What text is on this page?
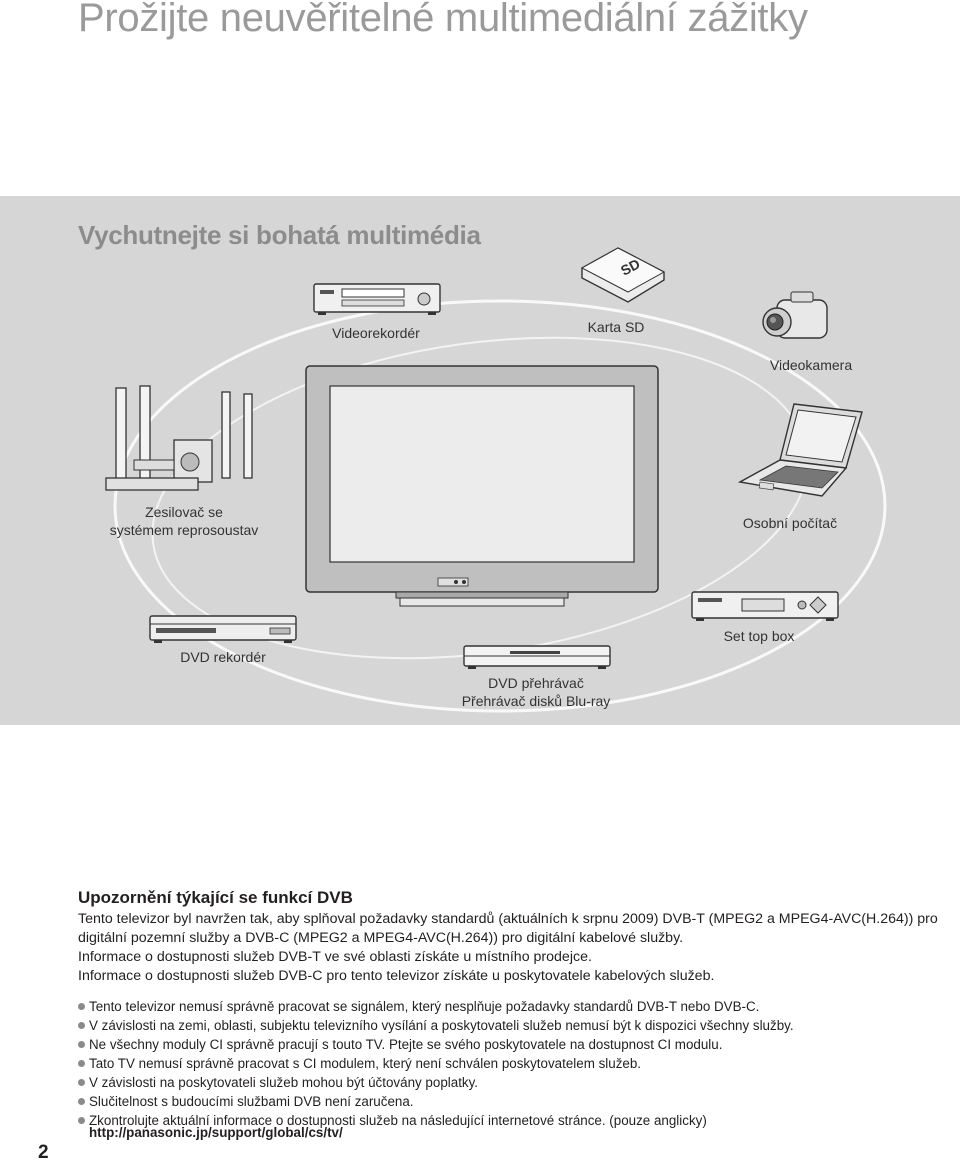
Prožijte neuvěřitelné multimediální zážitky
Vychutnejte si bohatá multimédia
Videorekordér
SD
Karta SD
Videokamera
Zesilovač se
systémem reprosoustav	Osobní počítač
DVD rekordér
DVD přehrávač
Přehrávač disků Blu-ray
Set top box
Upozornění týkající se funkcí DVB

Tento televizor byl navržen tak, aby splňoval požadavky standardů (aktuálních k srpnu 2009) DVB-T (MPEG2 a MPEG4-AVC(H.264)) pro digitální pozemní služby a DVB-C (MPEG2 a MPEG4-AVC(H.264)) pro digitální kabelové služby.

Informace o dostupnosti služeb DVB-T ve své oblasti získáte u místního prodejce.

Informace o dostupnosti služeb DVB-C pro tento televizor získáte u poskytovatele kabelových služeb.

Tento televizor nemusí správně pracovat se signálem, který nesplňuje požadavky standardů DVB-T nebo DVB-C.
V závislosti na zemi, oblasti, subjektu televizního vysílání a poskytovateli služeb nemusí být k dispozici všechny služby.
Ne všechny moduly CI správně pracují s touto TV. Ptejte se svého poskytovatele na dostupnost CI modulu.
Tato TV nemusí správně pracovat s CI modulem, který není schválen poskytovatelem služeb.
V závislosti na poskytovateli služeb mohou být účtovány poplatky.
Slučitelnost s budoucími službami DVB není zaručena.
Zkontrolujte aktuální informace o dostupnosti služeb na následující internetové stránce. (pouze anglicky)
http://panasonic.jp/support/global/cs/tv/
2
